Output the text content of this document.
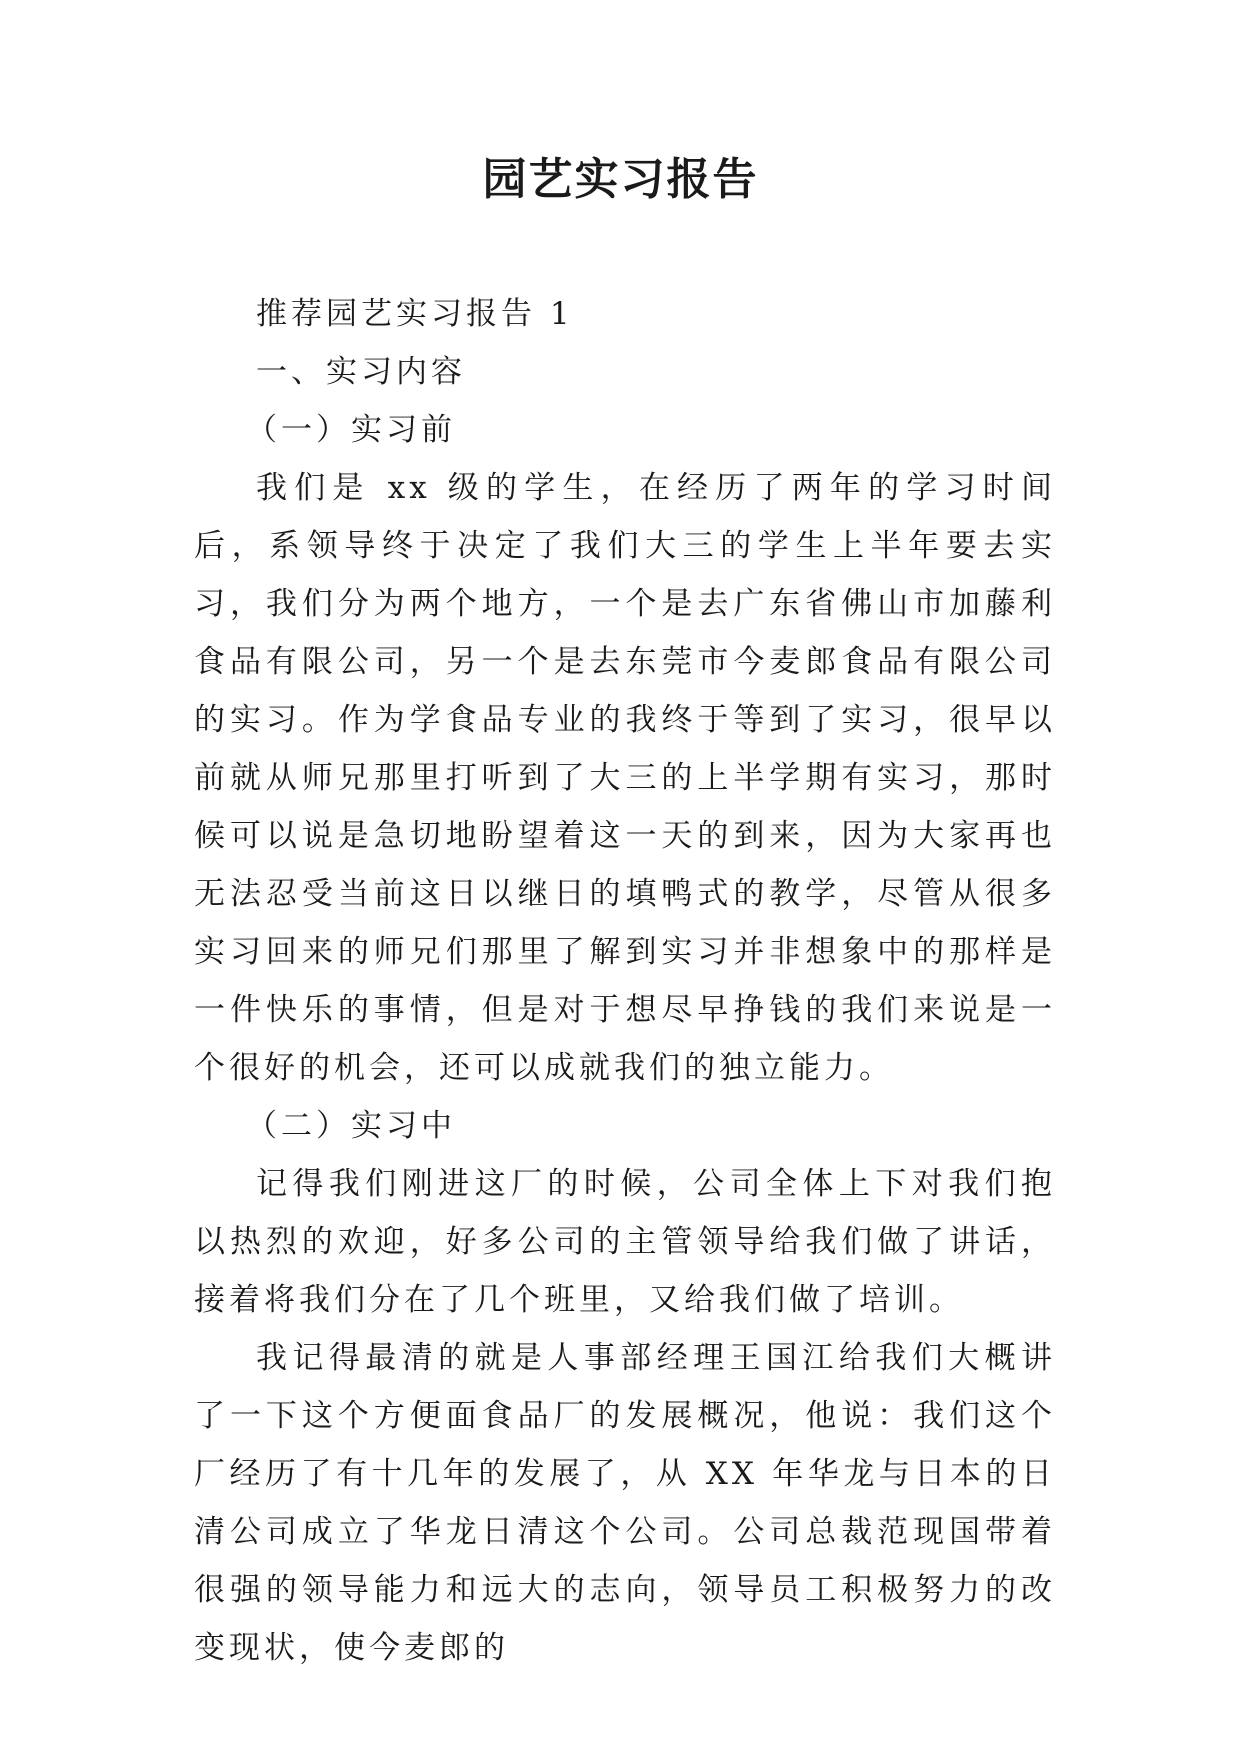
园艺实习报告

推荐园艺实习报告 1

一、实习内容

（一）实习前

我们是 xx 级的学生，在经历了两年的学习时间后，系领导终于决定了我们大三的学生上半年要去实习，我们分为两个地方，一个是去广东省佛山市加藤利食品有限公司，另一个是去东莞市今麦郎食品有限公司的实习。作为学食品专业的我终于等到了实习，很早以前就从师兄那里打听到了大三的上半学期有实习，那时候可以说是急切地盼望着这一天的到来，因为大家再也无法忍受当前这日以继日的填鸭式的教学，尽管从很多实习回来的师兄们那里了解到实习并非想象中的那样是一件快乐的事情，但是对于想尽早挣钱的我们来说是一个很好的机会，还可以成就我们的独立能力。

（二）实习中

记得我们刚进这厂的时候，公司全体上下对我们抱以热烈的欢迎，好多公司的主管领导给我们做了讲话，接着将我们分在了几个班里，又给我们做了培训。

我记得最清的就是人事部经理王国江给我们大概讲了一下这个方便面食品厂的发展概况，他说：我们这个厂经历了有十几年的发展了，从 XX 年华龙与日本的日清公司成立了华龙日清这个公司。公司总裁范现国带着很强的领导能力和远大的志向，领导员工积极努力的改变现状，使今麦郎的
